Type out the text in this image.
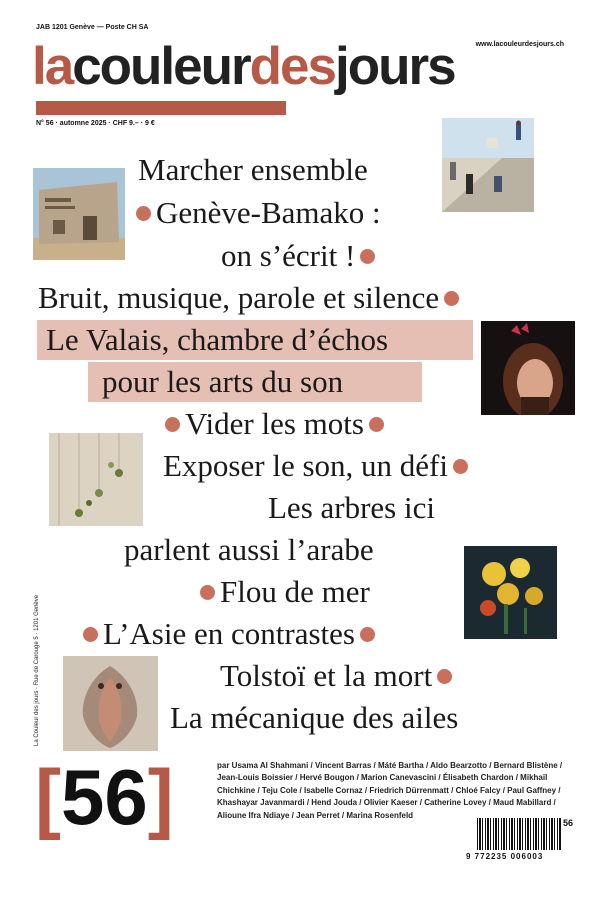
JAB 1201 Genève — Poste CH SA
www.lacouleurdesjours.ch
lacouleurdesjours
N° 56 · automne 2025 · CHF 9.– · 9 €
La Couleur des jours · Rue de Carouge 5 · 1201 Genève
Marcher ensemble
Genève-Bamako :
on s’écrit !
Bruit, musique, parole et silence
Le Valais, chambre d’échos
pour les arts du son
Vider les mots
Exposer le son, un défi
Les arbres ici
parlent aussi l’arabe
Flou de mer
L’Asie en contrastes
Tolstoï et la mort
La mécanique des ailes
[56]	par Usama Al Shahmani / Vincent Barras / Máté Bartha / Aldo Bearzotto / Bernard Blistène / Jean-Louis Boissier / Hervé Bougon / Marion Canevascini / Élisabeth Chardon / Mikhaïl Chichkine / Teju Cole / Isabelle Cornaz / Friedrich Dürrenmatt / Chloé Falcy / Paul Gaffney / Khashayar Javanmardi / Hend Jouda / Olivier Kaeser / Catherine Lovey / Maud Mabillard / Alioune Ifra Ndiaye / Jean Perret / Marina Rosenfeld
56
9 772235 006003
